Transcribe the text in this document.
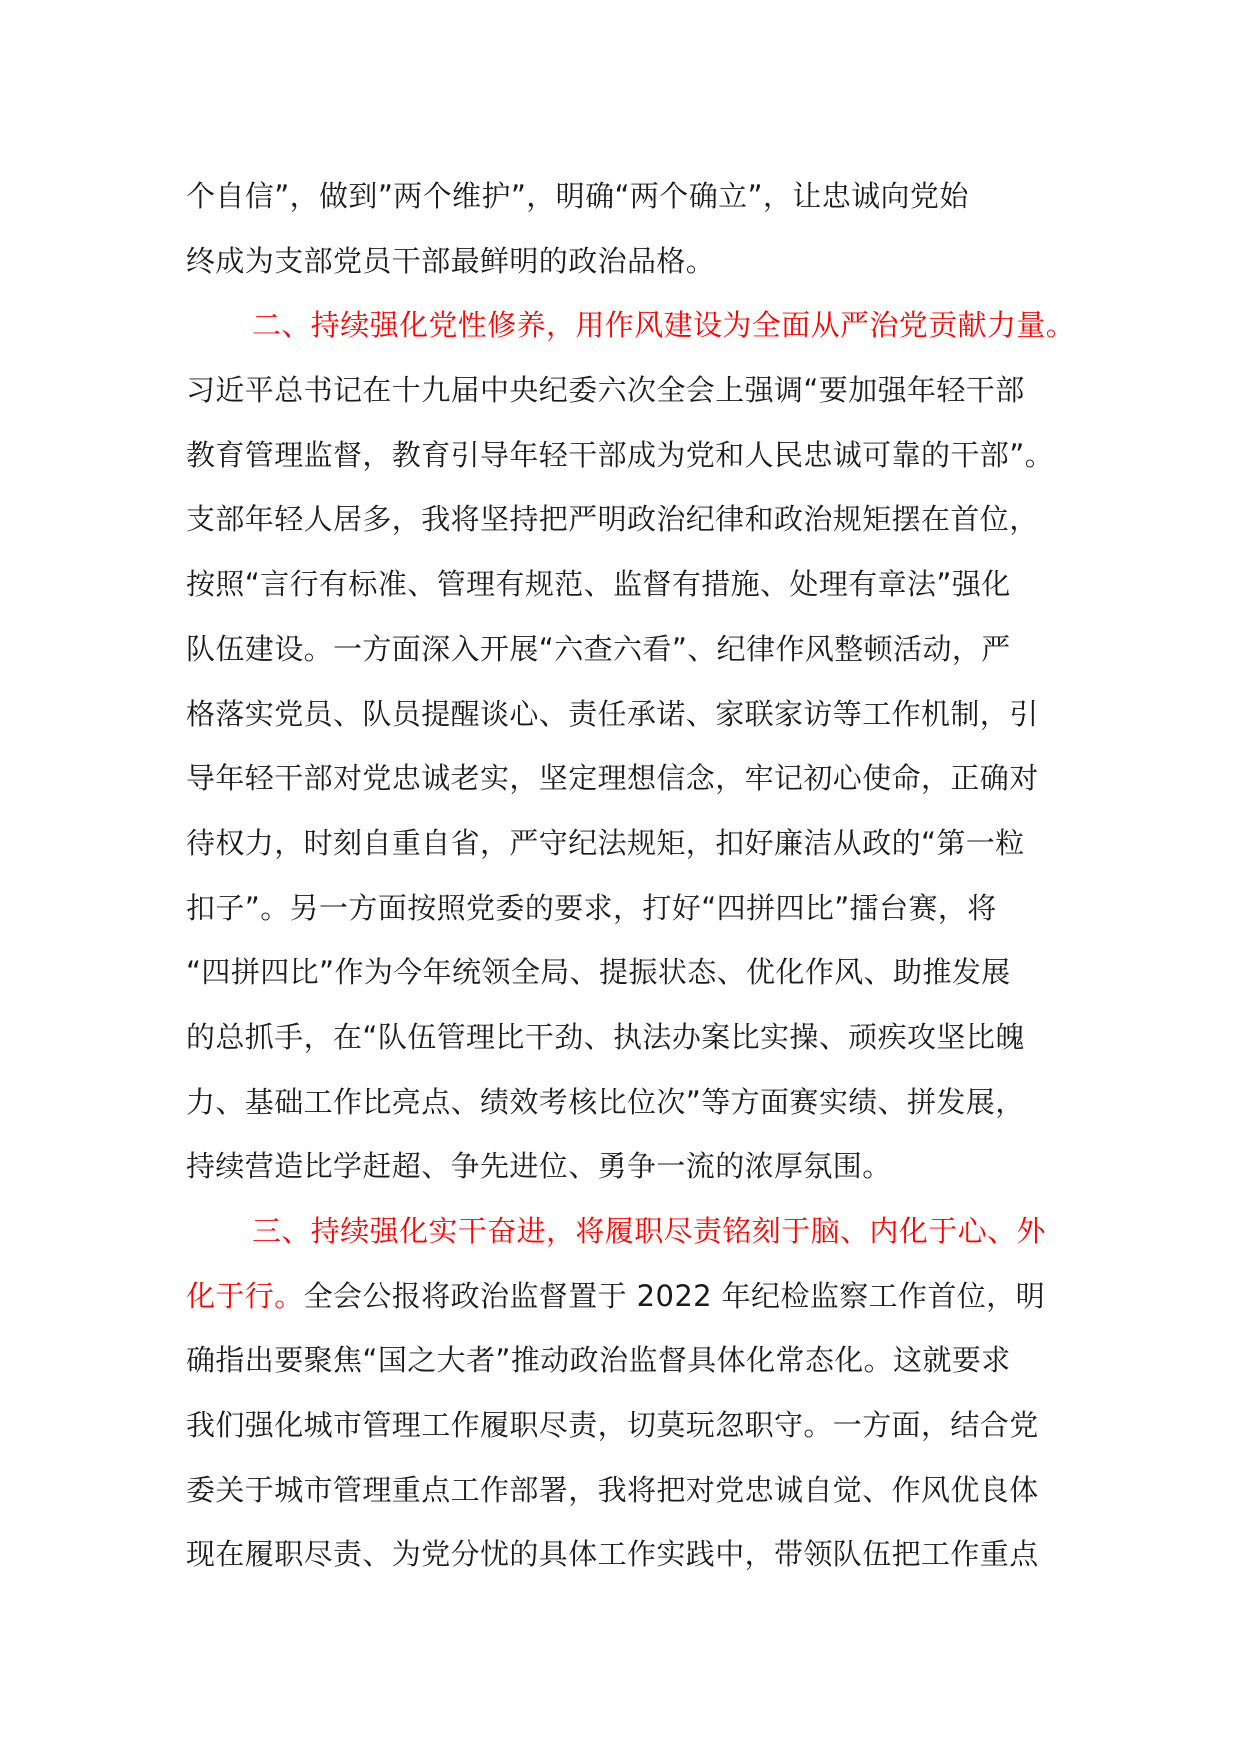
个自信”，做到”两个维护”，明确“两个确立”，让忠诚向党始
终成为支部党员干部最鲜明的政治品格。
二、持续强化党性修养，用作风建设为全面从严治党贡献力量。
习近平总书记在十九届中央纪委六次全会上强调“要加强年轻干部
教育管理监督，教育引导年轻干部成为党和人民忠诚可靠的干部”。
支部年轻人居多，我将坚持把严明政治纪律和政治规矩摆在首位，
按照“言行有标准、管理有规范、监督有措施、处理有章法”强化
队伍建设。一方面深入开展“六查六看”、纪律作风整顿活动，严
格落实党员、队员提醒谈心、责任承诺、家联家访等工作机制，引
导年轻干部对党忠诚老实，坚定理想信念，牢记初心使命，正确对
待权力，时刻自重自省，严守纪法规矩，扣好廉洁从政的“第一粒
扣子”。另一方面按照党委的要求，打好“四拼四比”擂台赛，将
“四拼四比”作为今年统领全局、提振状态、优化作风、助推发展
的总抓手，在“队伍管理比干劲、执法办案比实操、顽疾攻坚比魄
力、基础工作比亮点、绩效考核比位次”等方面赛实绩、拼发展，
持续营造比学赶超、争先进位、勇争一流的浓厚氛围。
三、持续强化实干奋进，将履职尽责铭刻于脑、内化于心、外
化于行。全会公报将政治监督置于 2022 年纪检监察工作首位，明
确指出要聚焦“国之大者”推动政治监督具体化常态化。这就要求
我们强化城市管理工作履职尽责，切莫玩忽职守。一方面，结合党
委关于城市管理重点工作部署，我将把对党忠诚自觉、作风优良体
现在履职尽责、为党分忧的具体工作实践中，带领队伍把工作重点
